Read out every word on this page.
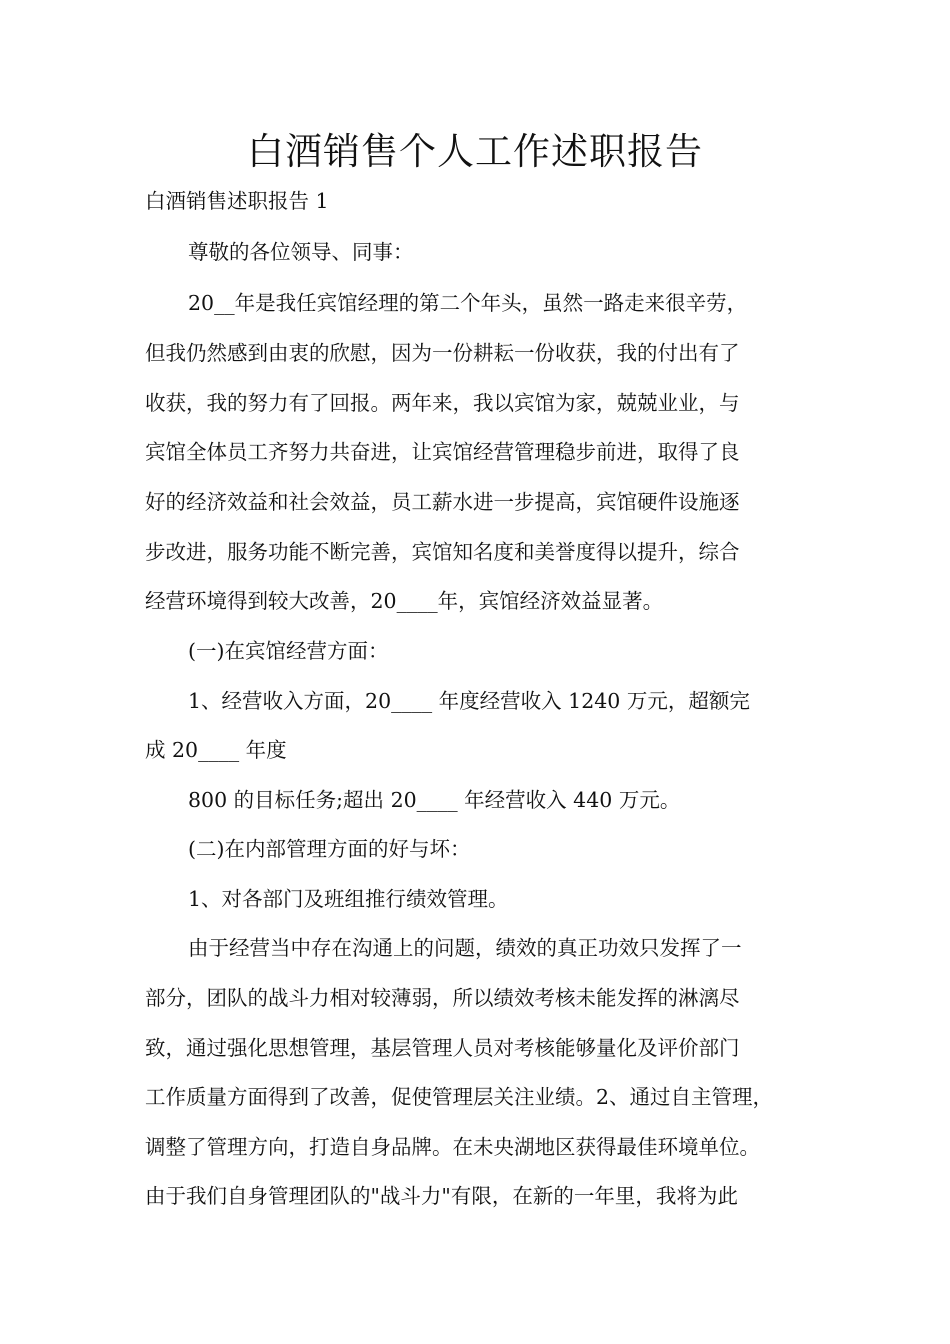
白酒销售个人工作述职报告

白酒销售述职报告 1

尊敬的各位领导、同事：

20__年是我任宾馆经理的第二个年头，虽然一路走来很辛劳，

但我仍然感到由衷的欣慰，因为一份耕耘一份收获，我的付出有了

收获，我的努力有了回报。两年来，我以宾馆为家，兢兢业业，与

宾馆全体员工齐努力共奋进，让宾馆经营管理稳步前进，取得了良

好的经济效益和社会效益，员工薪水进一步提高，宾馆硬件设施逐

步改进，服务功能不断完善，宾馆知名度和美誉度得以提升，综合

经营环境得到较大改善，20____年，宾馆经济效益显著。

(一)在宾馆经营方面：

1、经营收入方面，20____ 年度经营收入 1240 万元，超额完

成 20____ 年度

800 的目标任务;超出 20____ 年经营收入 440 万元。

(二)在内部管理方面的好与坏：

1、对各部门及班组推行绩效管理。

由于经营当中存在沟通上的问题，绩效的真正功效只发挥了一

部分，团队的战斗力相对较薄弱，所以绩效考核未能发挥的淋漓尽

致，通过强化思想管理，基层管理人员对考核能够量化及评价部门

工作质量方面得到了改善，促使管理层关注业绩。2、通过自主管理，

调整了管理方向，打造自身品牌。在未央湖地区获得最佳环境单位。

由于我们自身管理团队的"战斗力"有限，在新的一年里，我将为此
